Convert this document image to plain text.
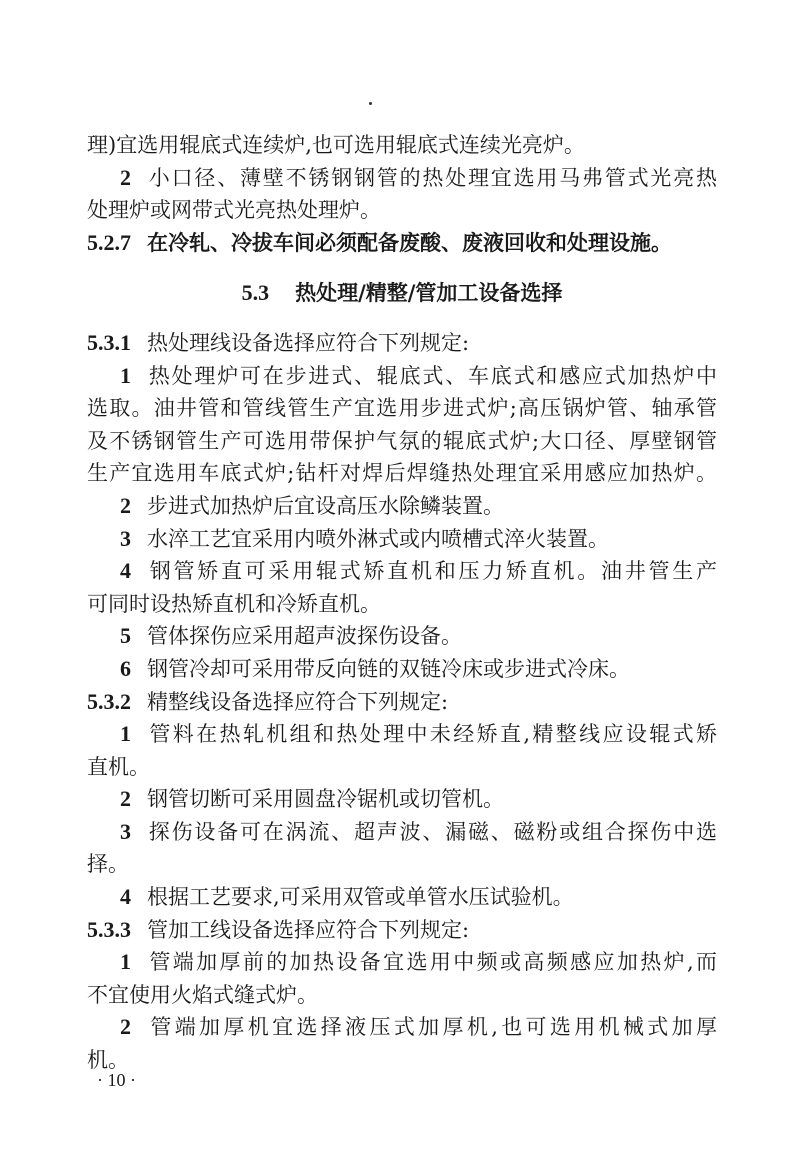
理)宜选用辊底式连续炉,也可选用辊底式连续光亮炉。
2 小口径、薄壁不锈钢钢管的热处理宜选用马弗管式光亮热
处理炉或网带式光亮热处理炉。
5.2.7 在冷轧、冷拔车间必须配备废酸、废液回收和处理设施。
5.3 热处理/精整/管加工设备选择
5.3.1 热处理线设备选择应符合下列规定:
1 热处理炉可在步进式、辊底式、车底式和感应式加热炉中
选取。油井管和管线管生产宜选用步进式炉;高压锅炉管、轴承管
及不锈钢管生产可选用带保护气氛的辊底式炉;大口径、厚壁钢管
生产宜选用车底式炉;钻杆对焊后焊缝热处理宜采用感应加热炉。
2 步进式加热炉后宜设高压水除鳞装置。
3 水淬工艺宜采用内喷外淋式或内喷槽式淬火装置。
4 钢管矫直可采用辊式矫直机和压力矫直机。油井管生产
可同时设热矫直机和冷矫直机。
5 管体探伤应采用超声波探伤设备。
6 钢管冷却可采用带反向链的双链冷床或步进式冷床。
5.3.2 精整线设备选择应符合下列规定:
1 管料在热轧机组和热处理中未经矫直,精整线应设辊式矫
直机。
2 钢管切断可采用圆盘冷锯机或切管机。
3 探伤设备可在涡流、超声波、漏磁、磁粉或组合探伤中选
择。
4 根据工艺要求,可采用双管或单管水压试验机。
5.3.3 管加工线设备选择应符合下列规定:
1 管端加厚前的加热设备宜选用中频或高频感应加热炉,而
不宜使用火焰式缝式炉。
2 管端加厚机宜选择液压式加厚机,也可选用机械式加厚
机。
· 10 ·
